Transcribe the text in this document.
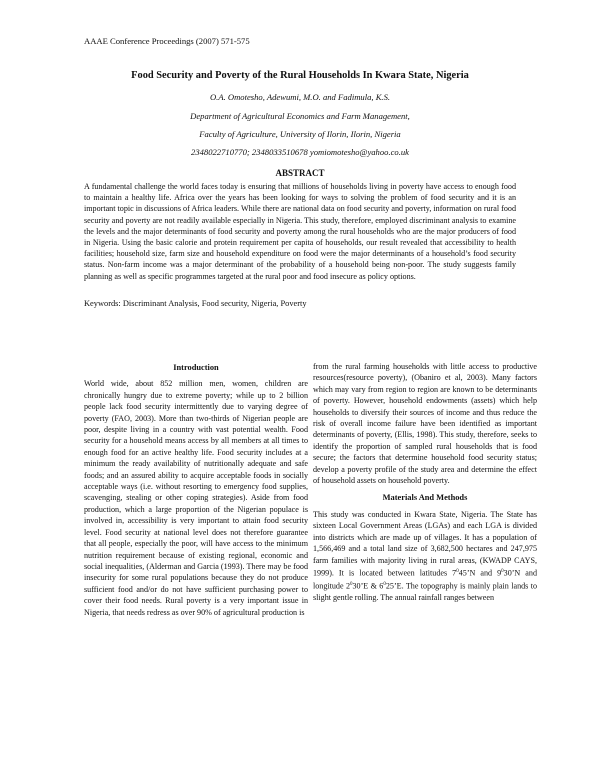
AAAE Conference Proceedings (2007) 571-575
Food Security and Poverty of the Rural Households In Kwara State, Nigeria
O.A. Omotesho, Adewumi, M.O. and Fadimula, K.S.
Department of Agricultural Economics and Farm Management,
Faculty of Agriculture, University of Ilorin, Ilorin, Nigeria
2348022710770; 2348033510678 yomiomotesho@yahoo.co.uk
ABSTRACT

A fundamental challenge the world faces today is ensuring that millions of households living in poverty have access to enough food to maintain a healthy life. Africa over the years has been looking for ways to solving the problem of food security and it is an important topic in discussions of Africa leaders. While there are national data on food security and poverty, information on rural food security and poverty are not readily available especially in Nigeria. This study, therefore, employed discriminant analysis to examine the levels and the major determinants of food security and poverty among the rural households who are the major producers of food in Nigeria. Using the basic calorie and protein requirement per capita of households, our result revealed that accessibility to health facilities; household size, farm size and household expenditure on food were the major determinants of a household’s food security status. Non-farm income was a major determinant of the probability of a household being non-poor. The study suggests family planning as well as specific programmes targeted at the rural poor and food insecure as policy options.

Keywords: Discriminant Analysis, Food security, Nigeria, Poverty
Introduction

World wide, about 852 million men, women, children are chronically hungry due to extreme poverty; while up to 2 billion people lack food security intermittently due to varying degree of poverty (FAO, 2003). More than two-thirds of Nigerian people are poor, despite living in a country with vast potential wealth. Food security for a household means access by all members at all times to enough food for an active healthy life. Food security includes at a minimum the ready availability of nutritionally adequate and safe foods; and an assured ability to acquire acceptable foods in socially acceptable ways (i.e. without resorting to emergency food supplies, scavenging, stealing or other coping strategies). Aside from food production, which a large proportion of the Nigerian populace is involved in, accessibility is very important to attain food security level. Food security at national level does not therefore guarantee that all people, especially the poor, will have access to the minimum nutrition requirement because of existing regional, economic and social inequalities, (Alderman and Garcia (1993). There may be food insecurity for some rural populations because they do not produce sufficient food and/or do not have sufficient purchasing power to cover their food needs. Rural poverty is a very important issue in Nigeria, that needs redress as over 90% of agricultural production is

from the rural farming households with little access to productive resources(resource poverty), (Obaniro et al, 2003). Many factors which may vary from region to region are known to be determinants of poverty. However, household endowments (assets) which help households to diversify their sources of income and thus reduce the risk of overall income failure have been identified as important determinants of poverty, (Ellis, 1998). This study, therefore, seeks to identify the proportion of sampled rural households that is food secure; the factors that determine household food security status; develop a poverty profile of the study area and determine the effect of household assets on household poverty.

Materials And Methods

This study was conducted in Kwara State, Nigeria. The State has sixteen Local Government Areas (LGAs) and each LGA is divided into districts which are made up of villages. It has a population of 1,566,469 and a total land size of 3,682,500 hectares and 247,975 farm families with majority living in rural areas, (KWADP CAYS, 1999). It is located between latitudes $7^045’N$ and $9^030’N$ and longitude $2^030’E$ & $6^025’E$. The topography is mainly plain lands to slight gentle rolling. The annual rainfall ranges between
